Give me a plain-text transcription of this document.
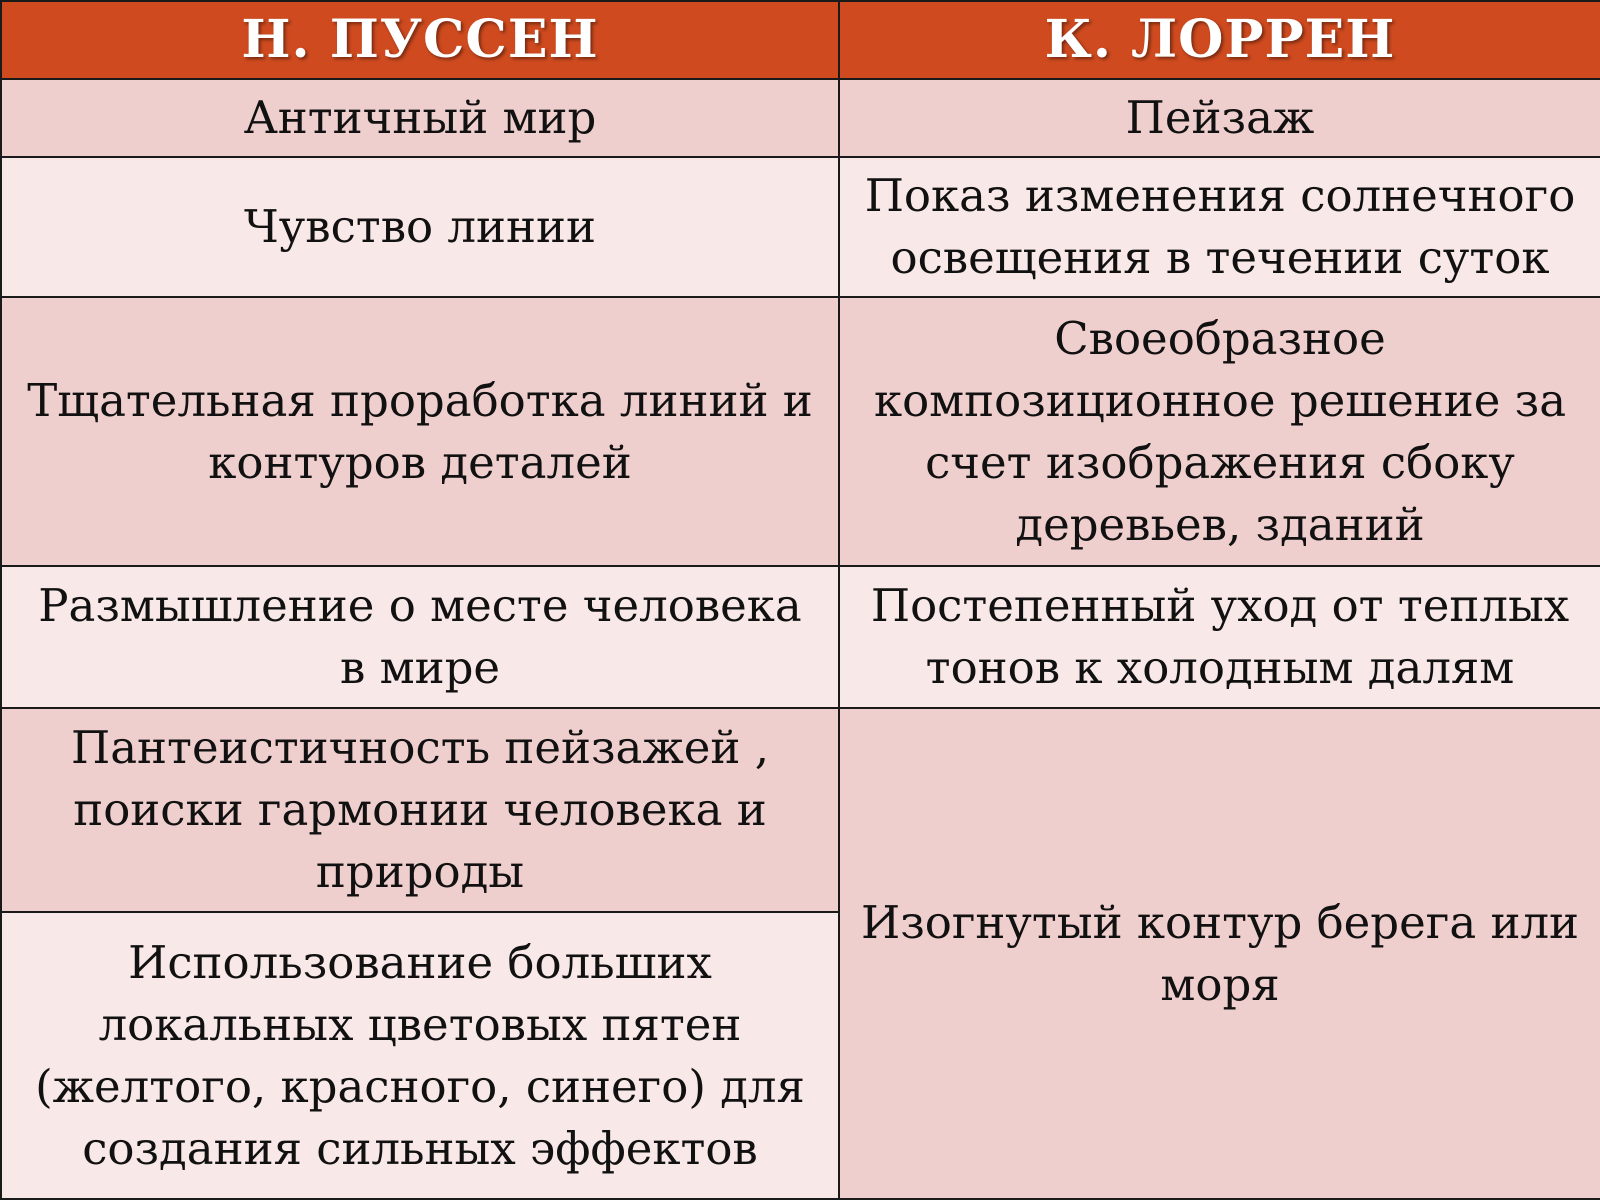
Н. ПУССЕН	К. ЛОРРЕН
Античный мир	Пейзаж
Чувство линии	Показ изменения солнечного освещения в течении суток
Тщательная проработка линий и контуров деталей	Своеобразное композиционное решение за счет изображения сбоку деревьев, зданий
Размышление о месте человека в мире	Постепенный уход от теплых тонов к холодным далям
Пантеистичность пейзажей , поиски гармонии человека и природы	Изогнутый контур берега или моря
Использование больших локальных цветовых пятен (желтого, красного, синего) для создания сильных эффектов	
